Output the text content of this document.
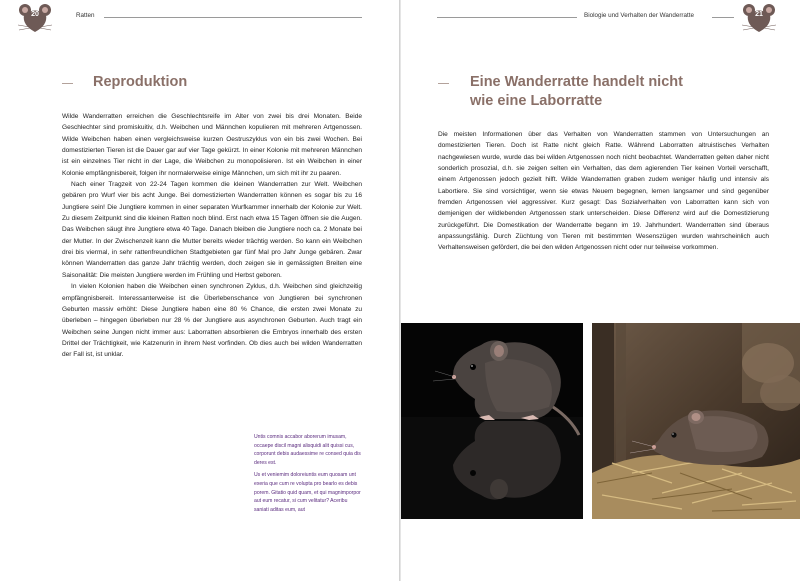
20	Ratten
Reproduktion

Wilde Wanderratten erreichen die Geschlechtsreife im Alter von zwei bis drei Monaten. Beide Geschlechter sind promiskuitiv, d.h. Weibchen und Männchen kopulieren mit mehreren Artgenossen. Wilde Weibchen haben einen vergleichsweise kurzen Oestruszyklus von ein bis zwei Wochen. Bei domestizierten Tieren ist die Dauer gar auf vier Tage gekürzt. In einer Kolonie mit mehreren Männchen ist ein einzelnes Tier nicht in der Lage, die Weibchen zu monopolisieren. Ist ein Weibchen in einer Kolonie empfängnisbereit, folgen ihr normalerweise einige Männchen, um sich mit ihr zu paaren.

Nach einer Tragzeit von 22-24 Tagen kommen die kleinen Wanderratten zur Welt. Weibchen gebären pro Wurf vier bis acht Junge. Bei domestizierten Wanderratten können es sogar bis zu 16 Jungtiere sein! Die Jungtiere kommen in einer separaten Wurfkammer innerhalb der Kolonie zur Welt. Zu diesem Zeitpunkt sind die kleinen Ratten noch blind. Erst nach etwa 15 Tagen öffnen sie die Augen. Das Weibchen säugt ihre Jungtiere etwa 40 Tage. Danach bleiben die Jungtiere noch ca. 2 Monate bei der Mutter. In der Zwischenzeit kann die Mutter bereits wieder trächtig werden. So kann ein Weibchen drei bis viermal, in sehr rattenfreundlichen Stadtgebieten gar fünf Mal pro Jahr Junge gebären. Zwar können Wanderratten das ganze Jahr trächtig werden, doch zeigen sie in gemässigten Breiten eine Saisonalität: Die meisten Jungtiere werden im Frühling und Herbst geboren.

In vielen Kolonien haben die Weibchen einen synchronen Zyklus, d.h. Weibchen sind gleichzeitig empfängnisbereit. Interessanterweise ist die Überlebenschance von Jungtieren bei synchronen Geburten massiv erhöht: Diese Jungtiere haben eine 80 % Chance, die ersten zwei Monate zu überleben – hingegen überleben nur 28 % der Jungtiere aus asynchronen Geburten. Auch tragt ein Weibchen seine Jungen nicht immer aus: Laborratten absorbieren die Embryos innerhalb des ersten Drittel der Trächtigkeit, wie Katzenurin in ihrem Nest vorfinden. Ob dies auch bei wilden Wanderratten der Fall ist, ist unklar.

Untis comnis accabor aborerum imusam, occaepe discil magni alisquidi alit quissi cus, corporunt debis audaessime re consed quia dis deres est.

Us et veniemim doloreiuntis eum quosam unt exeria que cum re volupta pro bearlo es debis porem. Gitatio quid quam, et qui magnimporpor aut eum recatur, si cum velitatur? Aceribu saniati aditas eum, aut

Biologie und Verhalten der Wanderratte	21
Eine Wanderratte handelt nicht
wie eine Laborratte

Die meisten Informationen über das Verhalten von Wanderratten stammen von Untersuchungen an domestizierten Tieren. Doch ist Ratte nicht gleich Ratte. Während Laborratten altruistisches Verhalten nachgewiesen wurde, wurde das bei wilden Artgenossen noch nicht beobachtet. Wanderratten gelten daher nicht sonderlich prosozial, d.h. sie zeigen selten ein Verhalten, das dem agierenden Tier keinen Vorteil verschafft, einem Artgenossen jedoch gezielt hilft. Wilde Wanderratten graben zudem weniger häufig und intensiv als Labortiere. Sie sind vorsichtiger, wenn sie etwas Neuem begegnen, lernen langsamer und sind gegenüber fremden Artgenossen viel aggressiver. Kurz gesagt: Das Sozialverhalten von Laborratten kann sich von demjenigen der wildlebenden Artgenossen stark unterscheiden. Diese Differenz wird auf die Domestizierung zurückgeführt. Die Domestikation der Wanderratte begann im 19. Jahrhundert. Wanderratten sind überaus anpassungsfähig. Durch Züchtung von Tieren mit bestimmten Wesenszügen wurden wahrscheinlich auch Verhaltensweisen gefördert, die bei den wilden Artgenossen nicht oder nur teilweise vorkommen.
